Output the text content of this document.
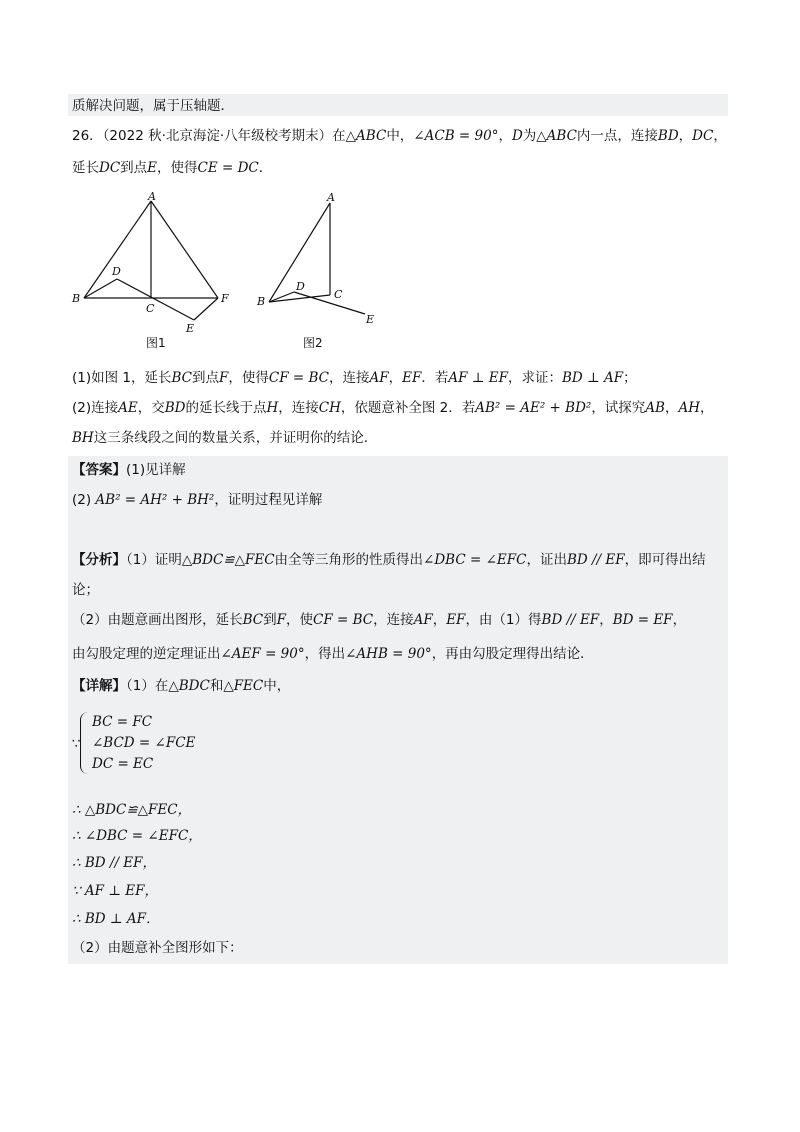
质解决问题，属于压轴题．
26．（2022 秋·北京海淀·八年级校考期末）在△ABC中，∠ACB = 90°，D为△ABC内一点，连接BD，DC，
延长DC到点E，使得CE = DC．
A
B
C
D
E
F
图1
A
B
C
D
E
图2
(1)如图 1，延长BC到点F，使得CF = BC，连接AF，EF．若AF ⊥ EF，求证：BD ⊥ AF；
(2)连接AE，交BD的延长线于点H，连接CH，依题意补全图 2．若AB² = AE² + BD²，试探究AB，AH，
BH这三条线段之间的数量关系，并证明你的结论．
【答案】(1)见详解
(2) AB² = AH² + BH²，证明过程见详解
【分析】（1）证明△BDC≌△FEC由全等三角形的性质得出∠DBC = ∠EFC，证出BD // EF，即可得出结
论；
（2）由题意画出图形，延长BC到F，使CF = BC，连接AF，EF，由（1）得BD // EF，BD = EF，
由勾股定理的逆定理证出∠AEF = 90°，得出∠AHB = 90°，再由勾股定理得出结论．
【详解】（1）在△BDC和△FEC中，
∵
BC = FC
∠BCD = ∠FCE
DC = EC
∴ △BDC≌△FEC，
∴ ∠DBC = ∠EFC，
∴ BD // EF，
∵ AF ⊥ EF，
∴ BD ⊥ AF．
（2）由题意补全图形如下：
